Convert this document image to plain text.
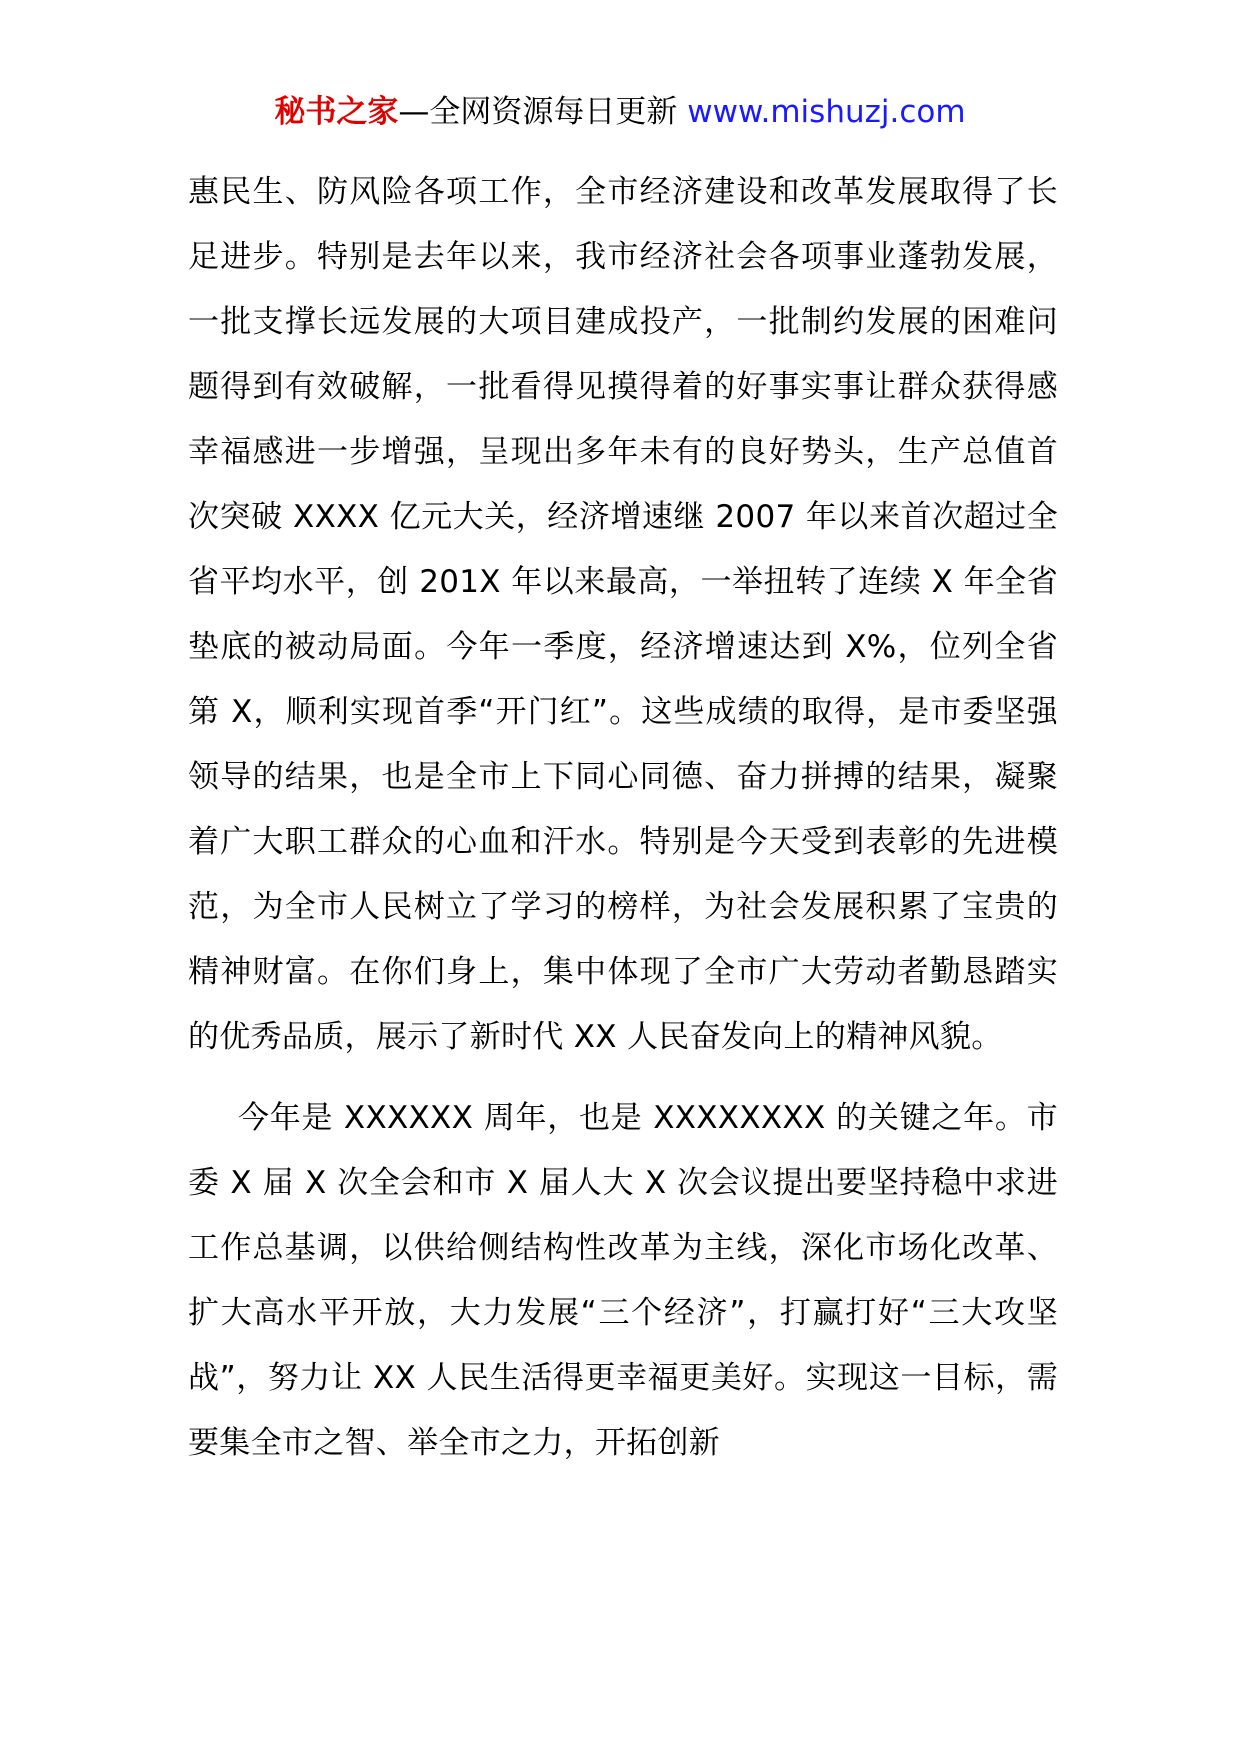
秘书之家—全网资源每日更新 www.mishuzj.com

惠民生、防风险各项工作，全市经济建设和改革发展取得了长足进步。特别是去年以来，我市经济社会各项事业蓬勃发展，一批支撑长远发展的大项目建成投产，一批制约发展的困难问题得到有效破解，一批看得见摸得着的好事实事让群众获得感幸福感进一步增强，呈现出多年未有的良好势头，生产总值首次突破 XXXX 亿元大关，经济增速继 2007 年以来首次超过全省平均水平，创 201X 年以来最高，一举扭转了连续 X 年全省垫底的被动局面。今年一季度，经济增速达到 X%，位列全省第 X，顺利实现首季“开门红”。这些成绩的取得，是市委坚强领导的结果，也是全市上下同心同德、奋力拼搏的结果，凝聚着广大职工群众的心血和汗水。特别是今天受到表彰的先进模范，为全市人民树立了学习的榜样，为社会发展积累了宝贵的精神财富。在你们身上，集中体现了全市广大劳动者勤恳踏实的优秀品质，展示了新时代 XX 人民奋发向上的精神风貌。

今年是 XXXXXX 周年，也是 XXXXXXXX 的关键之年。市委 X 届 X 次全会和市 X 届人大 X 次会议提出要坚持稳中求进工作总基调，以供给侧结构性改革为主线，深化市场化改革、扩大高水平开放，大力发展“三个经济”，打赢打好“三大攻坚战”，努力让 XX 人民生活得更幸福更美好。实现这一目标，需要集全市之智、举全市之力，开拓创新
